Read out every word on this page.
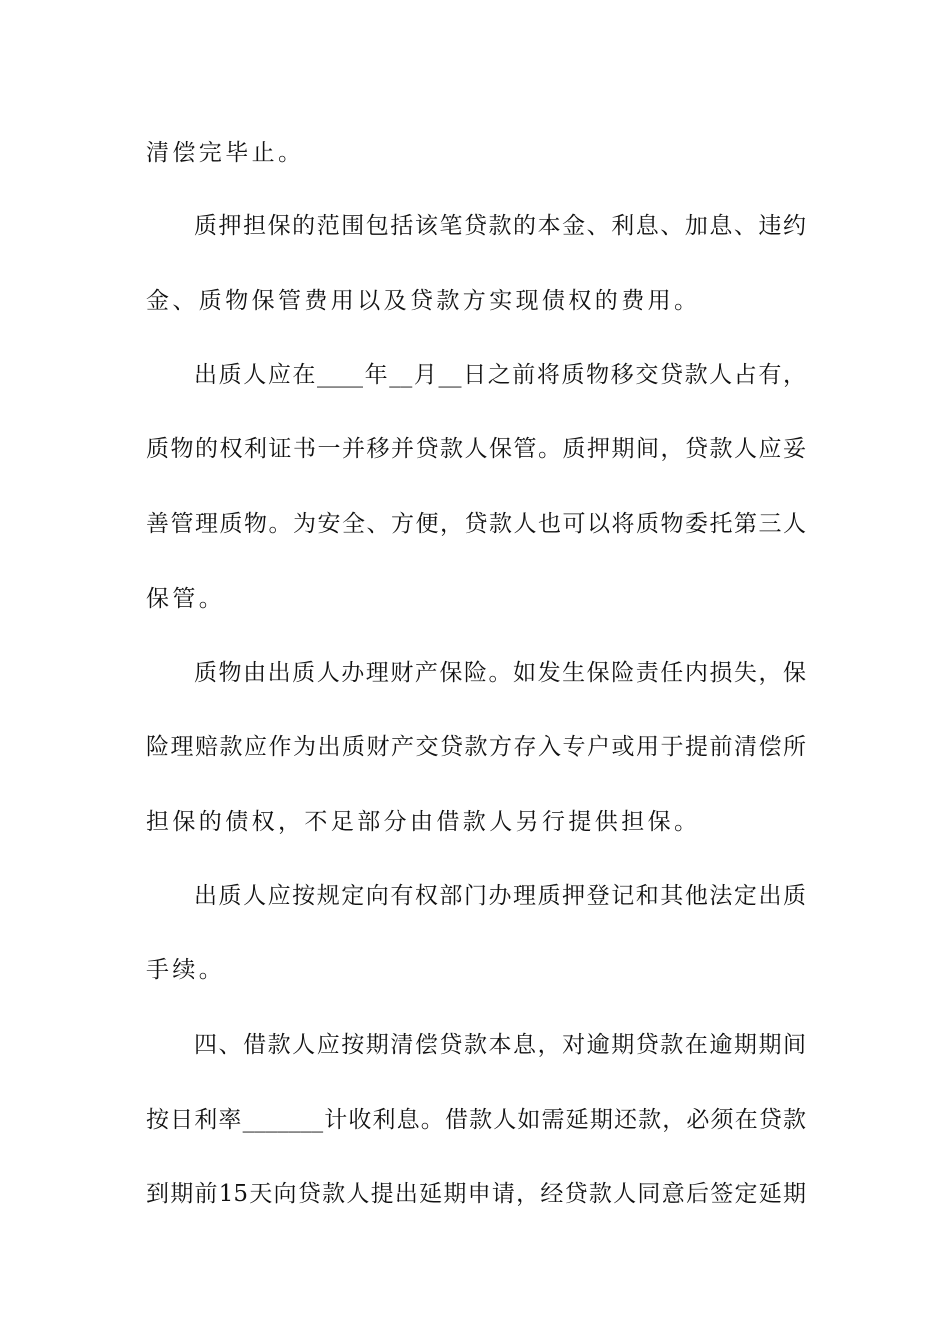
清偿完毕止。
质押担保的范围包括该笔贷款的本金、利息、加息、违约
金、质物保管费用以及贷款方实现债权的费用。
出质人应在____年__月__日之前将质物移交贷款人占有，
质物的权利证书一并移并贷款人保管。质押期间，贷款人应妥
善管理质物。为安全、方便，贷款人也可以将质物委托第三人
保管。
质物由出质人办理财产保险。如发生保险责任内损失，保
险理赔款应作为出质财产交贷款方存入专户或用于提前清偿所
担保的债权，不足部分由借款人另行提供担保。
出质人应按规定向有权部门办理质押登记和其他法定出质
手续。
四、借款人应按期清偿贷款本息，对逾期贷款在逾期期间
按日利率_______计收利息。借款人如需延期还款，必须在贷款
到期前15天向贷款人提出延期申请，经贷款人同意后签定延期
